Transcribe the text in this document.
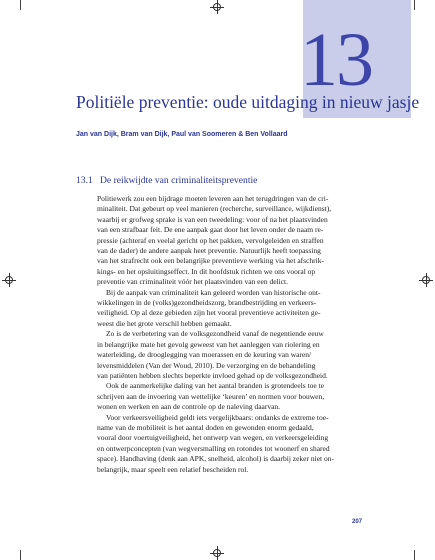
13
Politiële preventie: oude uitdaging in nieuw jasje
Jan van Dijk, Bram van Dijk, Paul van Soomeren & Ben Vollaard
13.1 De reikwijdte van criminaliteitspreventie
Politiewerk zou een bijdrage moeten leveren aan het terugdringen van de cri-
minaliteit. Dat gebeurt op veel manieren (recherche, surveillance, wijkdienst),
waarbij er grofweg sprake is van een tweedeling: voor of na het plaatsvinden
van een strafbaar feit. De ene aanpak gaat door het leven onder de naam re-
pressie (achteraf en veelal gericht op het pakken, vervolgeleiden en straffen
van de dader) de andere aanpak heet preventie. Natuurlijk heeft toepassing
van het strafrecht ook een belangrijke preventieve werking via het afschrik-
kings- en het opsluitingseffect. In dit hoofdstuk richten we ons vooral op
preventie van criminaliteit vóór het plaatsvinden van een delict.
Bij de aanpak van criminaliteit kan geleerd worden van historische ont-
wikkelingen in de (volks)gezondheidszorg, brandbestrijding en verkeers-
veiligheid. Op al deze gebieden zijn het vooral preventieve activiteiten ge-
weest die het grote verschil hebben gemaakt.
Zo is de verbetering van de volksgezondheid vanaf de negentiende eeuw
in belangrijke mate het gevolg geweest van het aanleggen van riolering en
waterleiding, de drooglegging van moerassen en de keuring van waren/
levensmiddelen (Van der Woud, 2010). De verzorging en de behandeling
van patiënten hebben slechts beperkte invloed gehad op de volksgezondheid.
Ook de aanmerkelijke daling van het aantal branden is grotendeels toe te
schrijven aan de invoering van wettelijke ‘keuren’ en normen voor bouwen,
wonen en werken en aan de controle op de naleving daarvan.
Voor verkeersveiligheid geldt iets vergelijkbaars: ondanks de extreme toe-
name van de mobiliteit is het aantal doden en gewonden enorm gedaald,
vooral door voertuigveiligheid, het ontwerp van wegen, en verkeersgeleiding
en ontwerpconcepten (van wegversmalling en rotondes tot woonerf en shared
space). Handhaving (denk aan APK, snelheid, alcohol) is daarbij zeker niet on-
belangrijk, maar speelt een relatief bescheiden rol.
207
